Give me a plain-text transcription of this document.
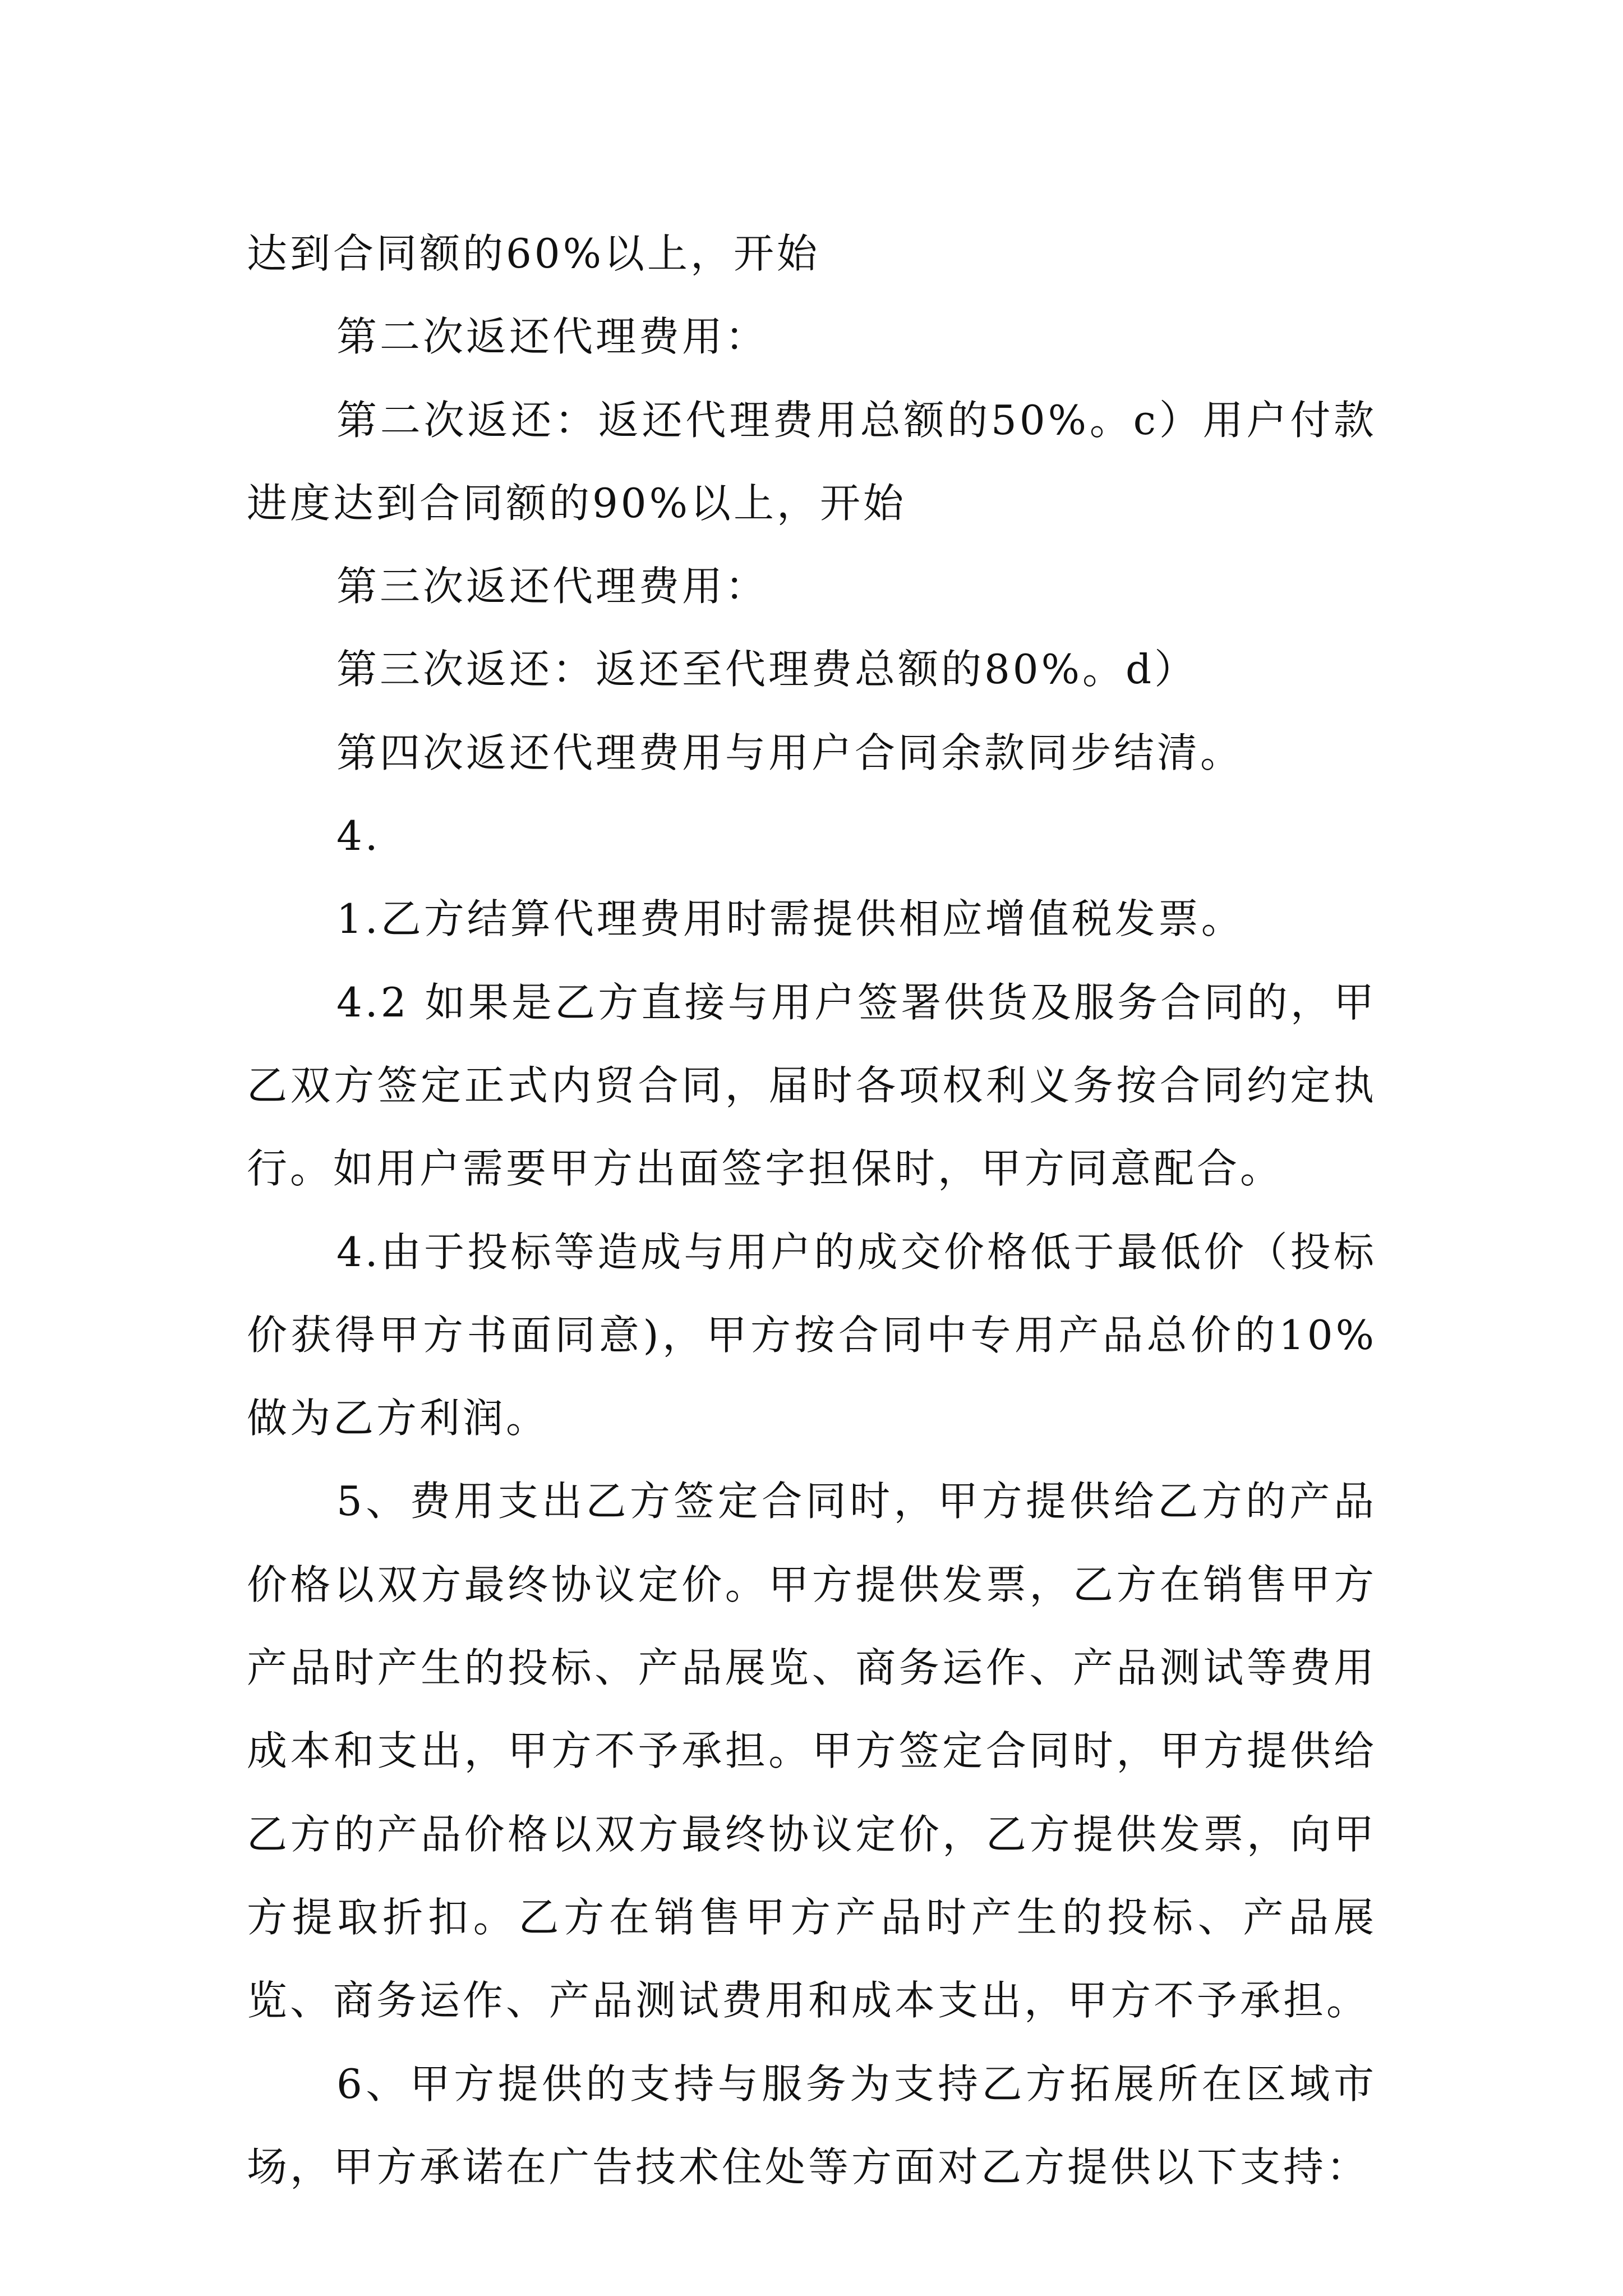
达到合同额的60%以上，开始

第二次返还代理费用：

第二次返还：返还代理费用总额的50%。c）用户付款进度达到合同额的90%以上，开始

第三次返还代理费用：

第三次返还：返还至代理费总额的80%。d）

第四次返还代理费用与用户合同余款同步结清。

4.

1.乙方结算代理费用时需提供相应增值税发票。

4.2 如果是乙方直接与用户签署供货及服务合同的，甲乙双方签定正式内贸合同，届时各项权利义务按合同约定执行。如用户需要甲方出面签字担保时，甲方同意配合。

4.由于投标等造成与用户的成交价格低于最低价（投标价获得甲方书面同意)，甲方按合同中专用产品总价的10%做为乙方利润。

5、费用支出乙方签定合同时，甲方提供给乙方的产品价格以双方最终协议定价。甲方提供发票，乙方在销售甲方产品时产生的投标、产品展览、商务运作、产品测试等费用成本和支出，甲方不予承担。甲方签定合同时，甲方提供给乙方的产品价格以双方最终协议定价，乙方提供发票，向甲方提取折扣。乙方在销售甲方产品时产生的投标、产品展览、商务运作、产品测试费用和成本支出，甲方不予承担。

6、甲方提供的支持与服务为支持乙方拓展所在区域市场，甲方承诺在广告技术住处等方面对乙方提供以下支持：
